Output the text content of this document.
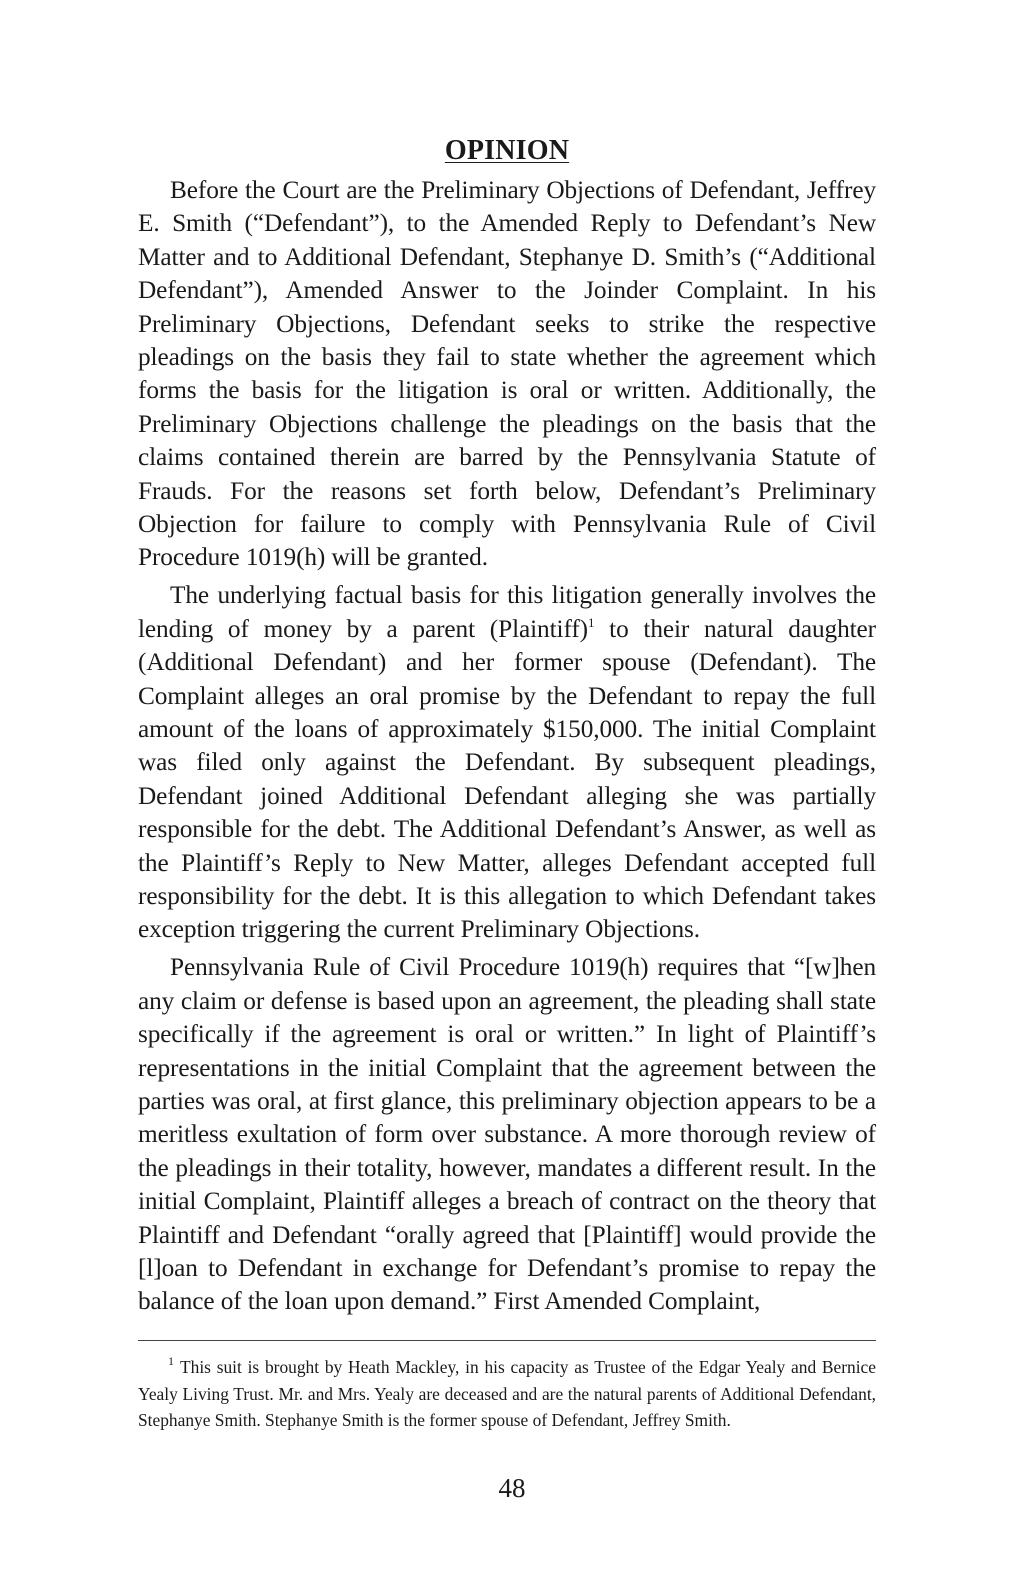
OPINION

Before the Court are the Preliminary Objections of Defendant, Jeffrey E. Smith (“Defendant”), to the Amended Reply to Defendant’s New Matter and to Additional Defendant, Stephanye D. Smith’s (“Additional Defendant”), Amended Answer to the Joinder Complaint. In his Preliminary Objections, Defendant seeks to strike the respective pleadings on the basis they fail to state whether the agreement which forms the basis for the litigation is oral or written. Additionally, the Preliminary Objections challenge the pleadings on the basis that the claims contained therein are barred by the Pennsylvania Statute of Frauds. For the reasons set forth below, Defendant’s Preliminary Objection for failure to comply with Pennsylvania Rule of Civil Procedure 1019(h) will be granted.

The underlying factual basis for this litigation generally involves the lending of money by a parent (Plaintiff)$^1$ to their natural daughter (Additional Defendant) and her former spouse (Defendant). The Complaint alleges an oral promise by the Defendant to repay the full amount of the loans of approximately $150,000. The initial Complaint was filed only against the Defendant. By subsequent pleadings, Defendant joined Additional Defendant alleging she was partially responsible for the debt. The Additional Defendant’s Answer, as well as the Plaintiff’s Reply to New Matter, alleges Defendant accepted full responsibility for the debt. It is this allegation to which Defendant takes exception triggering the current Preliminary Objections.

Pennsylvania Rule of Civil Procedure 1019(h) requires that “[w]hen any claim or defense is based upon an agreement, the pleading shall state specifically if the agreement is oral or written.” In light of Plaintiff’s representations in the initial Complaint that the agreement between the parties was oral, at first glance, this preliminary objection appears to be a meritless exultation of form over substance. A more thorough review of the pleadings in their totality, however, mandates a different result. In the initial Complaint, Plaintiff alleges a breach of contract on the theory that Plaintiff and Defendant “orally agreed that [Plaintiff] would provide the [l]oan to Defendant in exchange for Defendant’s promise to repay the balance of the loan upon demand.” First Amended Complaint,

$^1$ This suit is brought by Heath Mackley, in his capacity as Trustee of the Edgar Yealy and Bernice Yealy Living Trust. Mr. and Mrs. Yealy are deceased and are the natural parents of Additional Defendant, Stephanye Smith. Stephanye Smith is the former spouse of Defendant, Jeffrey Smith.

48
